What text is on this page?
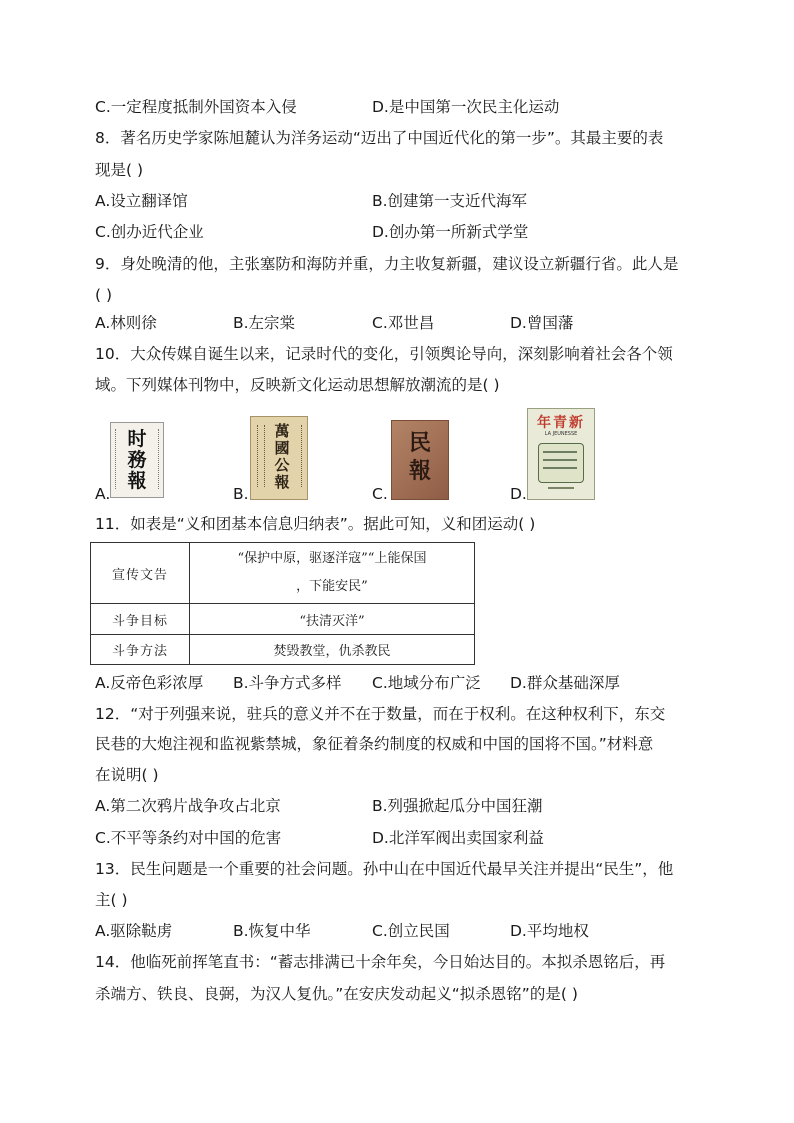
C.一定程度抵制外国资本入侵	D.是中国第一次民主化运动
8．著名历史学家陈旭麓认为洋务运动“迈出了中国近代化的第一步”。其最主要的表
现是( )
A.设立翻译馆	B.创建第一支近代海军
C.创办近代企业	D.创办第一所新式学堂
9．身处晚清的他，主张塞防和海防并重，力主收复新疆，建议设立新疆行省。此人是
( )
A.林则徐	B.左宗棠	C.邓世昌	D.曾国藩
10．大众传媒自诞生以来，记录时代的变化，引领舆论导向，深刻影响着社会各个领
域。下列媒体刊物中，反映新文化运动思想解放潮流的是( )
时
務
報
A.
萬
國
公
報
B.
民
報
C.
年青新
LA JEUNESSE
D.
11．如表是“义和团基本信息归纳表”。据此可知，义和团运动( )
宣传文告	“保护中原，驱逐洋寇”“上能保国
，下能安民”

斗争目标	“扶清灭洋”
斗争方法	焚毁教堂，仇杀教民
A.反帝色彩浓厚 B.斗争方式多样 C.地域分布广泛 D.群众基础深厚
12．“对于列强来说，驻兵的意义并不在于数量，而在于权利。在这种权利下，东交
民巷的大炮注视和监视紫禁城，象征着条约制度的权威和中国的国将不国。”材料意
在说明( )
A.第二次鸦片战争攻占北京	B.列强掀起瓜分中国狂潮
C.不平等条约对中国的危害	D.北洋军阀出卖国家利益
13．民生问题是一个重要的社会问题。孙中山在中国近代最早关注并提出“民生”，他
主( )
A.驱除鞑虏	B.恢复中华	C.创立民国	D.平均地权
14．他临死前挥笔直书：“蓄志排满已十余年矣，今日始达目的。本拟杀恩铭后，再
杀端方、铁良、良弼，为汉人复仇。”在安庆发动起义“拟杀恩铭”的是( )
